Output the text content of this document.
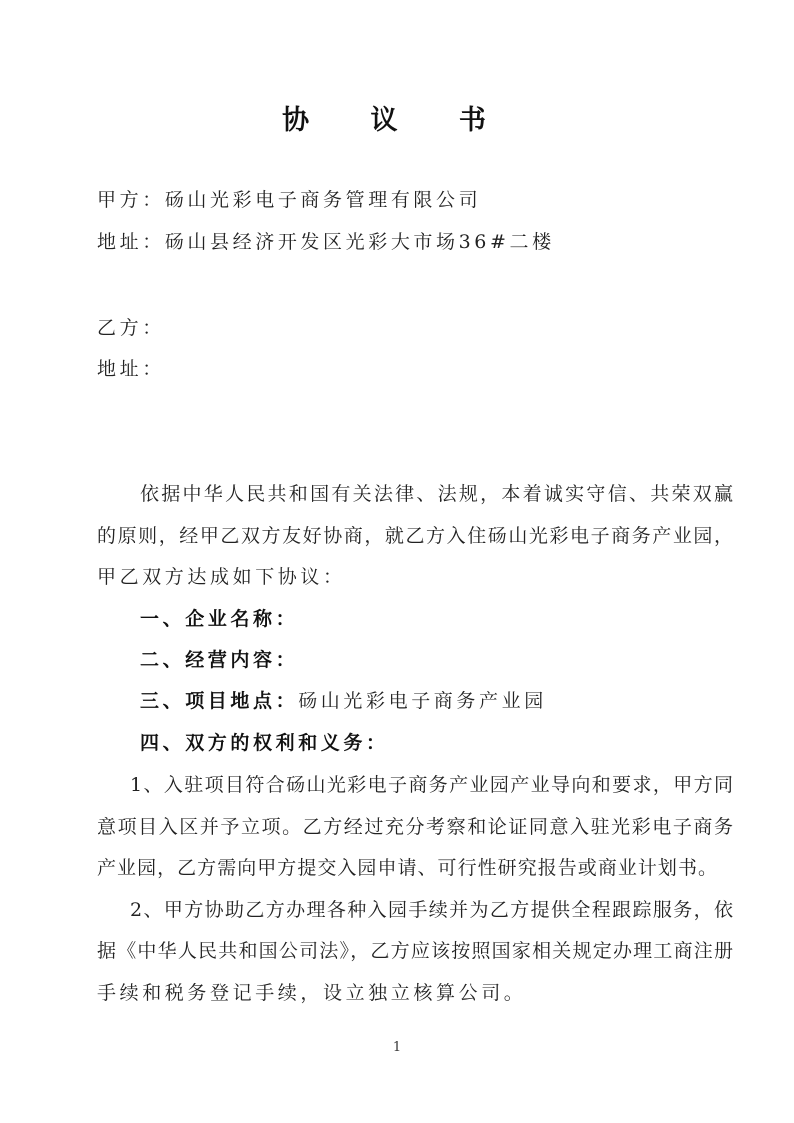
协 议 书
甲方：砀山光彩电子商务管理有限公司
地址：砀山县经济开发区光彩大市场36#二楼
乙方：
地址：
依据中华人民共和国有关法律、法规，本着诚实守信、共荣双赢
的原则，经甲乙双方友好协商，就乙方入住砀山光彩电子商务产业园，
甲乙双方达成如下协议：
一、企业名称：
二、经营内容：
三、项目地点：砀山光彩电子商务产业园
四、双方的权利和义务：
1、入驻项目符合砀山光彩电子商务产业园产业导向和要求，甲方同
意项目入区并予立项。乙方经过充分考察和论证同意入驻光彩电子商务
产业园，乙方需向甲方提交入园申请、可行性研究报告或商业计划书。
2、甲方协助乙方办理各种入园手续并为乙方提供全程跟踪服务，依
据《中华人民共和国公司法》，乙方应该按照国家相关规定办理工商注册
手续和税务登记手续，设立独立核算公司。
1
